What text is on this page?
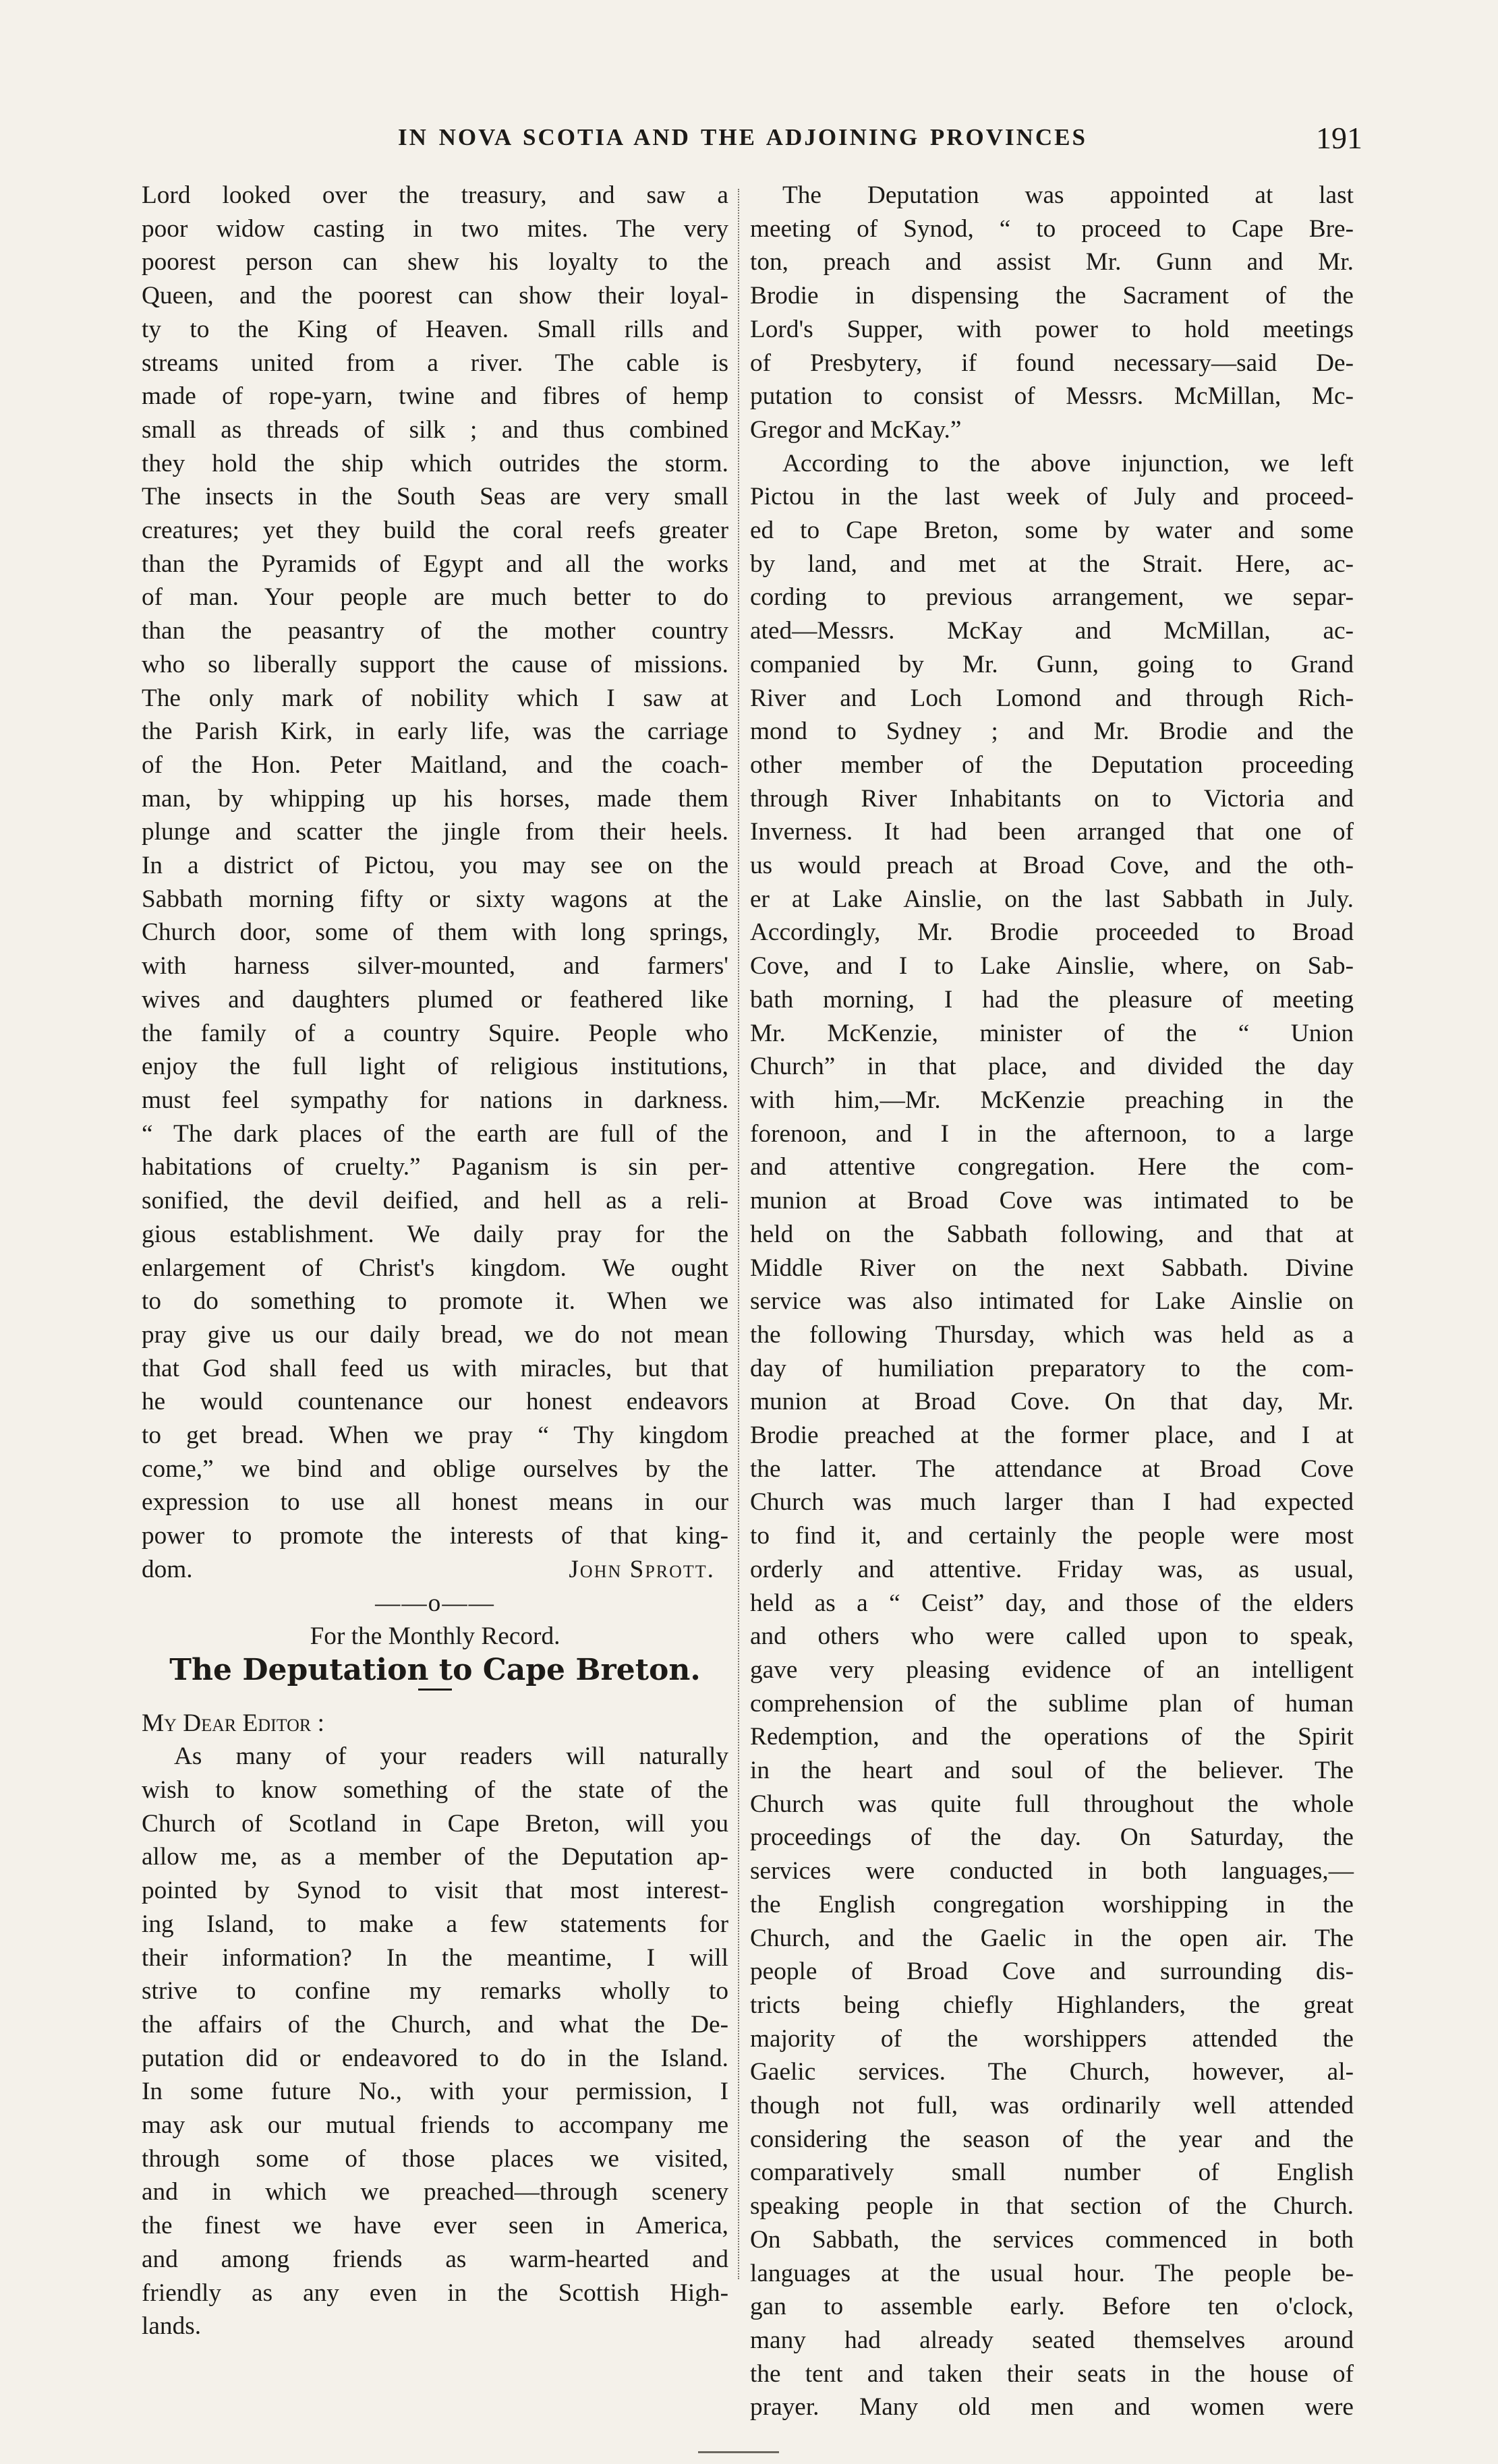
IN NOVA SCOTIA AND THE ADJOINING PROVINCES	191

Lord looked over the treasury, and saw a

poor widow casting in two mites. The very

poorest person can shew his loyalty to the

Queen, and the poorest can show their loyal-

ty to the King of Heaven. Small rills and

streams united from a river. The cable is

made of rope-yarn, twine and fibres of hemp

small as threads of silk ; and thus combined

they hold the ship which outrides the storm.

The insects in the South Seas are very small

creatures; yet they build the coral reefs greater

than the Pyramids of Egypt and all the works

of man. Your people are much better to do

than the peasantry of the mother country

who so liberally support the cause of missions.

The only mark of nobility which I saw at

the Parish Kirk, in early life, was the carriage

of the Hon. Peter Maitland, and the coach-

man, by whipping up his horses, made them

plunge and scatter the jingle from their heels.

In a district of Pictou, you may see on the

Sabbath morning fifty or sixty wagons at the

Church door, some of them with long springs,

with harness silver-mounted, and farmers'

wives and daughters plumed or feathered like

the family of a country Squire. People who

enjoy the full light of religious institutions,

must feel sympathy for nations in darkness.

“ The dark places of the earth are full of the

habitations of cruelty.” Paganism is sin per-

sonified, the devil deified, and hell as a reli-

gious establishment. We daily pray for the

enlargement of Christ's kingdom. We ought

to do something to promote it. When we

pray give us our daily bread, we do not mean

that God shall feed us with miracles, but that

he would countenance our honest endeavors

to get bread. When we pray “ Thy kingdom

come,” we bind and oblige ourselves by the

expression to use all honest means in our

power to promote the interests of that king-

dom.	John Sprott.

——o——

For the Monthly Record.

The Deputation to Cape Breton.

My Dear Editor :

As many of your readers will naturally

wish to know something of the state of the

Church of Scotland in Cape Breton, will you

allow me, as a member of the Deputation ap-

pointed by Synod to visit that most interest-

ing Island, to make a few statements for

their information? In the meantime, I will

strive to confine my remarks wholly to

the affairs of the Church, and what the De-

putation did or endeavored to do in the Island.

In some future No., with your permission, I

may ask our mutual friends to accompany me

through some of those places we visited,

and in which we preached—through scenery

the finest we have ever seen in America,

and among friends as warm-hearted and

friendly as any even in the Scottish High-

lands.

The Deputation was appointed at last

meeting of Synod, “ to proceed to Cape Bre-

ton, preach and assist Mr. Gunn and Mr.

Brodie in dispensing the Sacrament of the

Lord's Supper, with power to hold meetings

of Presbytery, if found necessary—said De-

putation to consist of Messrs. McMillan, Mc-

Gregor and McKay.”

According to the above injunction, we left

Pictou in the last week of July and proceed-

ed to Cape Breton, some by water and some

by land, and met at the Strait. Here, ac-

cording to previous arrangement, we separ-

ated—Messrs. McKay and McMillan, ac-

companied by Mr. Gunn, going to Grand

River and Loch Lomond and through Rich-

mond to Sydney ; and Mr. Brodie and the

other member of the Deputation proceeding

through River Inhabitants on to Victoria and

Inverness. It had been arranged that one of

us would preach at Broad Cove, and the oth-

er at Lake Ainslie, on the last Sabbath in July.

Accordingly, Mr. Brodie proceeded to Broad

Cove, and I to Lake Ainslie, where, on Sab-

bath morning, I had the pleasure of meeting

Mr. McKenzie, minister of the “ Union

Church” in that place, and divided the day

with him,—Mr. McKenzie preaching in the

forenoon, and I in the afternoon, to a large

and attentive congregation. Here the com-

munion at Broad Cove was intimated to be

held on the Sabbath following, and that at

Middle River on the next Sabbath. Divine

service was also intimated for Lake Ainslie on

the following Thursday, which was held as a

day of humiliation preparatory to the com-

munion at Broad Cove. On that day, Mr.

Brodie preached at the former place, and I at

the latter. The attendance at Broad Cove

Church was much larger than I had expected

to find it, and certainly the people were most

orderly and attentive. Friday was, as usual,

held as a “ Ceist” day, and those of the elders

and others who were called upon to speak,

gave very pleasing evidence of an intelligent

comprehension of the sublime plan of human

Redemption, and the operations of the Spirit

in the heart and soul of the believer. The

Church was quite full throughout the whole

proceedings of the day. On Saturday, the

services were conducted in both languages,—

the English congregation worshipping in the

Church, and the Gaelic in the open air. The

people of Broad Cove and surrounding dis-

tricts being chiefly Highlanders, the great

majority of the worshippers attended the

Gaelic services. The Church, however, al-

though not full, was ordinarily well attended

considering the season of the year and the

comparatively small number of English

speaking people in that section of the Church.

On Sabbath, the services commenced in both

languages at the usual hour. The people be-

gan to assemble early. Before ten o'clock,

many had already seated themselves around

the tent and taken their seats in the house of

prayer. Many old men and women were
